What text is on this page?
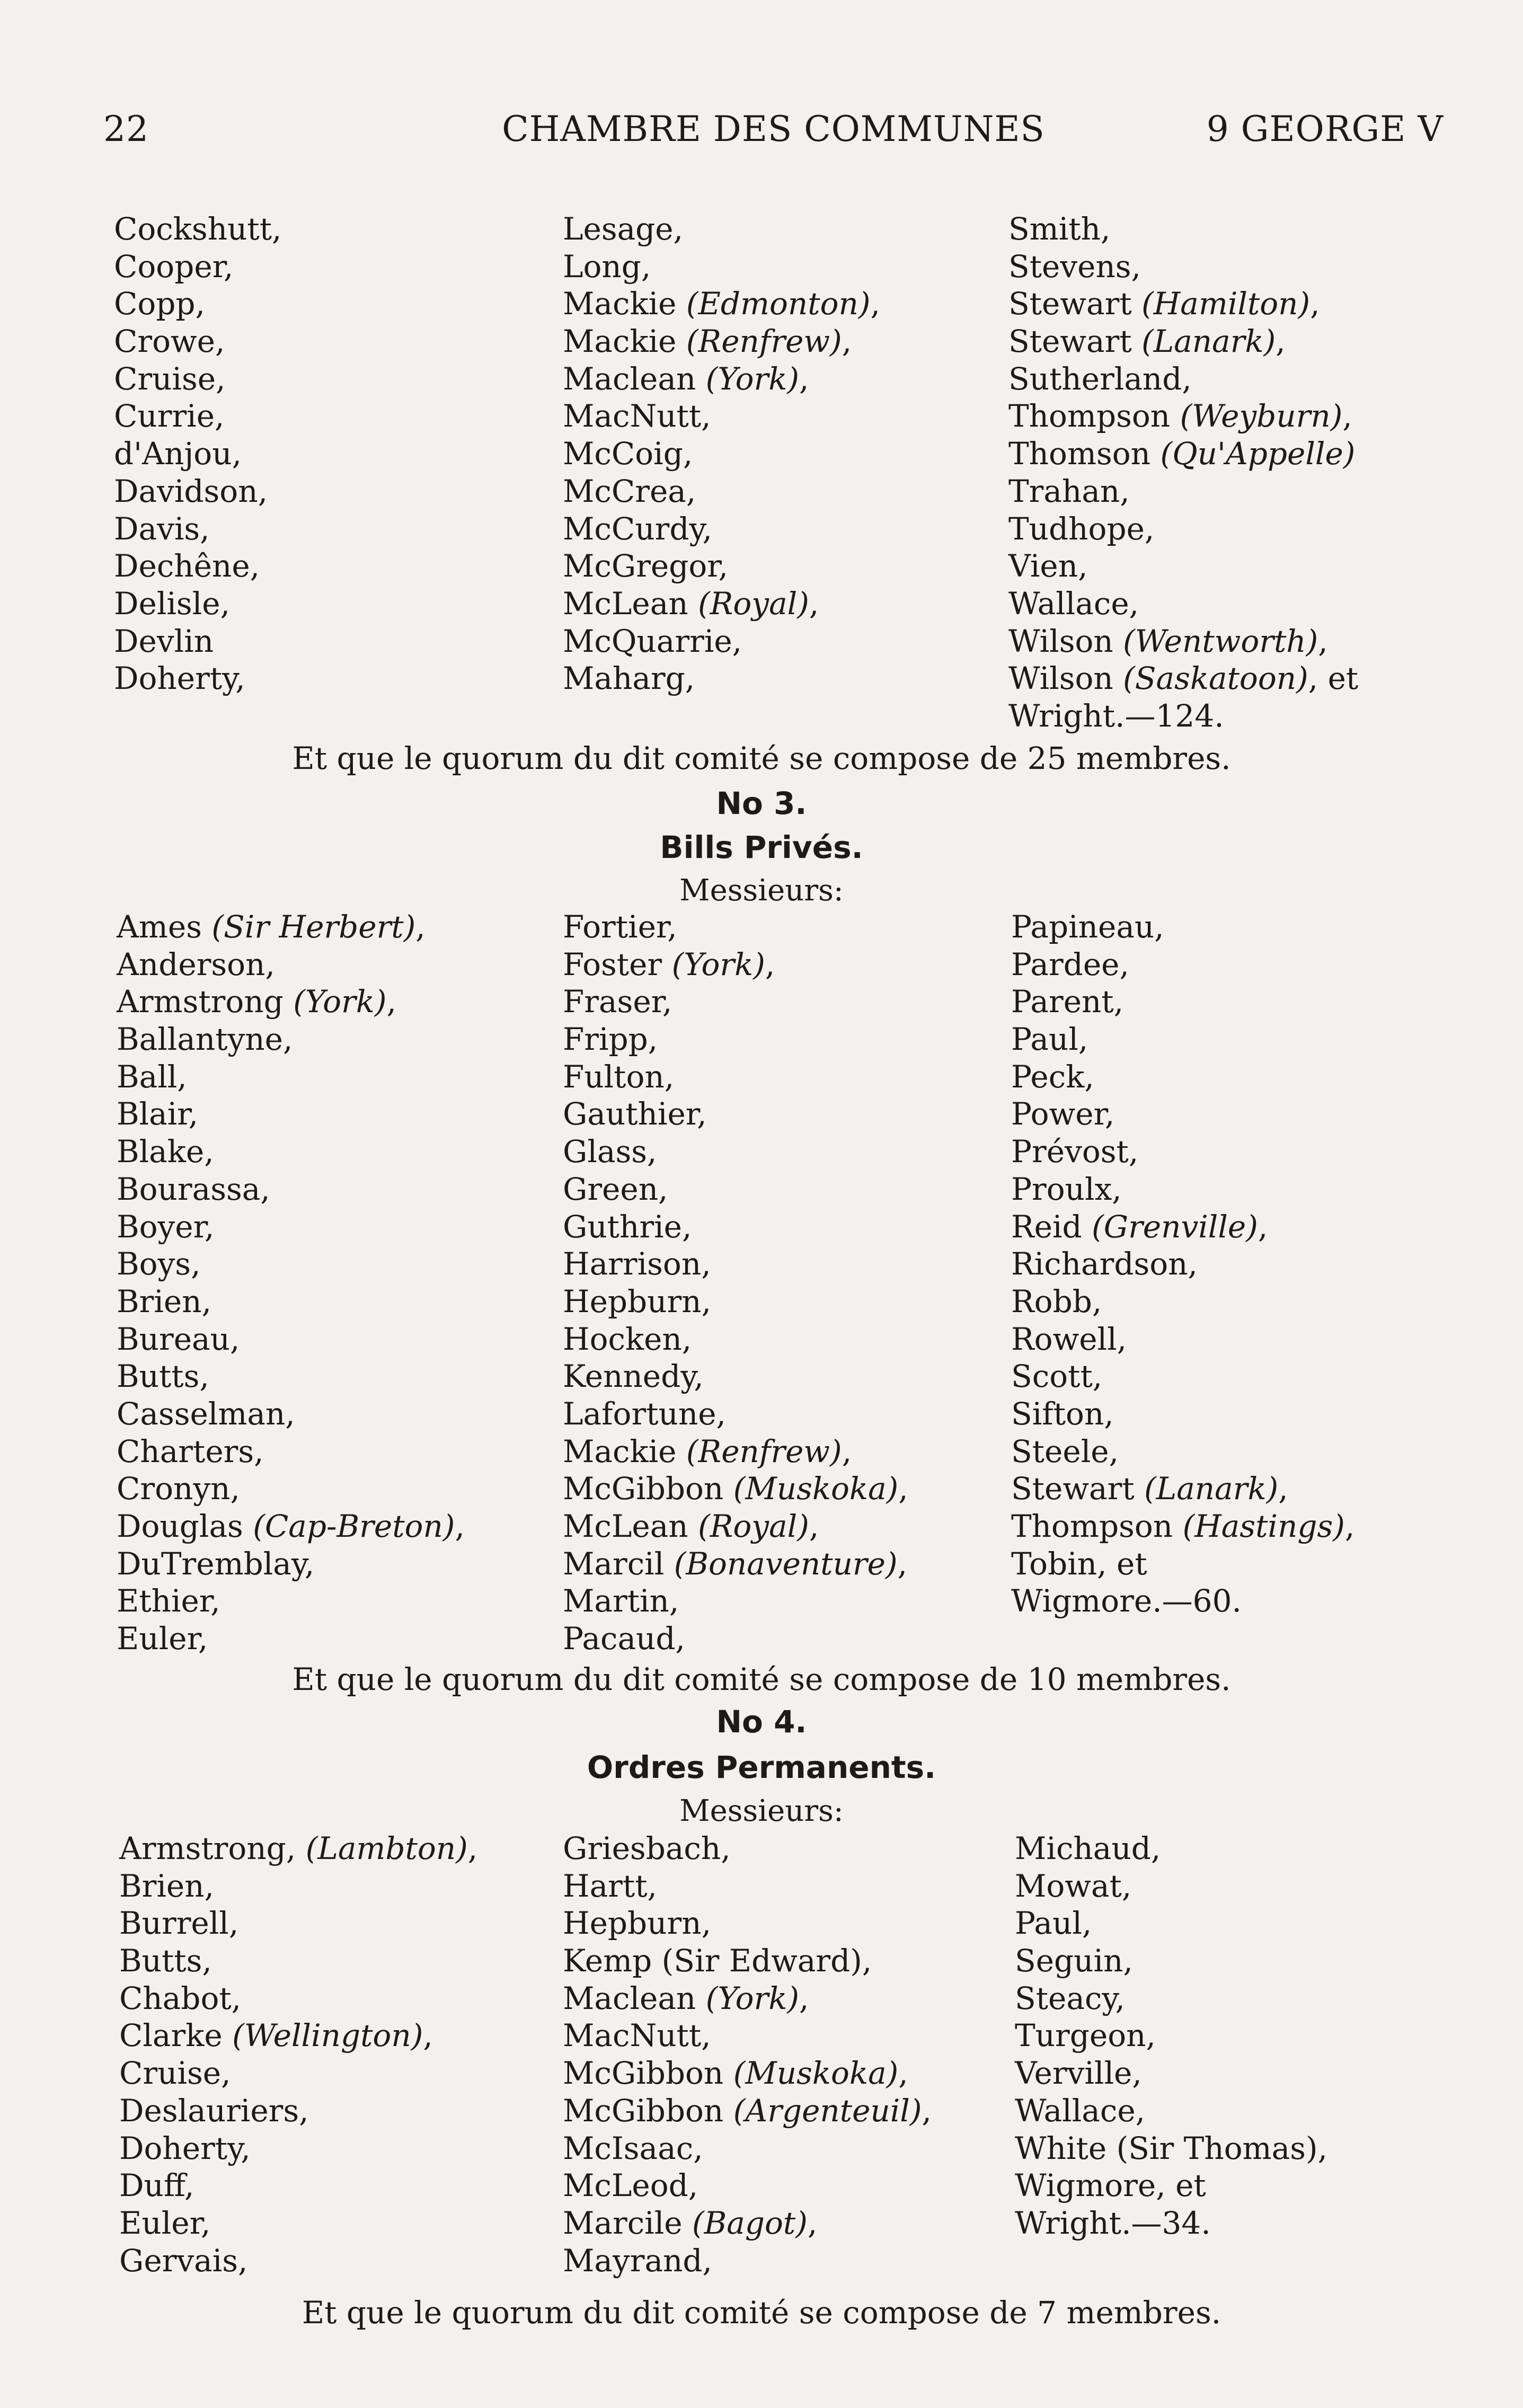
22	CHAMBRE DES COMMUNES	9 GEORGE V
Cockshutt,
Cooper,
Copp,
Crowe,
Cruise,
Currie,
d'Anjou,
Davidson,
Davis,
Dechêne,
Delisle,
Devlin
Doherty,
Lesage,
Long,
Mackie (Edmonton),
Mackie (Renfrew),
Maclean (York),
MacNutt,
McCoig,
McCrea,
McCurdy,
McGregor,
McLean (Royal),
McQuarrie,
Maharg,
Smith,
Stevens,
Stewart (Hamilton),
Stewart (Lanark),
Sutherland,
Thompson (Weyburn),
Thomson (Qu'Appelle)
Trahan,
Tudhope,
Vien,
Wallace,
Wilson (Wentworth),
Wilson (Saskatoon), et
Wright.—124.
Et que le quorum du dit comité se compose de 25 membres.
No 3.
Bills Privés.
Messieurs:
Ames (Sir Herbert),
Anderson,
Armstrong (York),
Ballantyne,
Ball,
Blair,
Blake,
Bourassa,
Boyer,
Boys,
Brien,
Bureau,
Butts,
Casselman,
Charters,
Cronyn,
Douglas (Cap-Breton),
DuTremblay,
Ethier,
Euler,
Fortier,
Foster (York),
Fraser,
Fripp,
Fulton,
Gauthier,
Glass,
Green,
Guthrie,
Harrison,
Hepburn,
Hocken,
Kennedy,
Lafortune,
Mackie (Renfrew),
McGibbon (Muskoka),
McLean (Royal),
Marcil (Bonaventure),
Martin,
Pacaud,
Papineau,
Pardee,
Parent,
Paul,
Peck,
Power,
Prévost,
Proulx,
Reid (Grenville),
Richardson,
Robb,
Rowell,
Scott,
Sifton,
Steele,
Stewart (Lanark),
Thompson (Hastings),
Tobin, et
Wigmore.—60.
Et que le quorum du dit comité se compose de 10 membres.
No 4.
Ordres Permanents.
Messieurs:
Armstrong, (Lambton),
Brien,
Burrell,
Butts,
Chabot,
Clarke (Wellington),
Cruise,
Deslauriers,
Doherty,
Duff,
Euler,
Gervais,
Griesbach,
Hartt,
Hepburn,
Kemp (Sir Edward),
Maclean (York),
MacNutt,
McGibbon (Muskoka),
McGibbon (Argenteuil),
McIsaac,
McLeod,
Marcile (Bagot),
Mayrand,
Michaud,
Mowat,
Paul,
Seguin,
Steacy,
Turgeon,
Verville,
Wallace,
White (Sir Thomas),
Wigmore, et
Wright.—34.
Et que le quorum du dit comité se compose de 7 membres.
